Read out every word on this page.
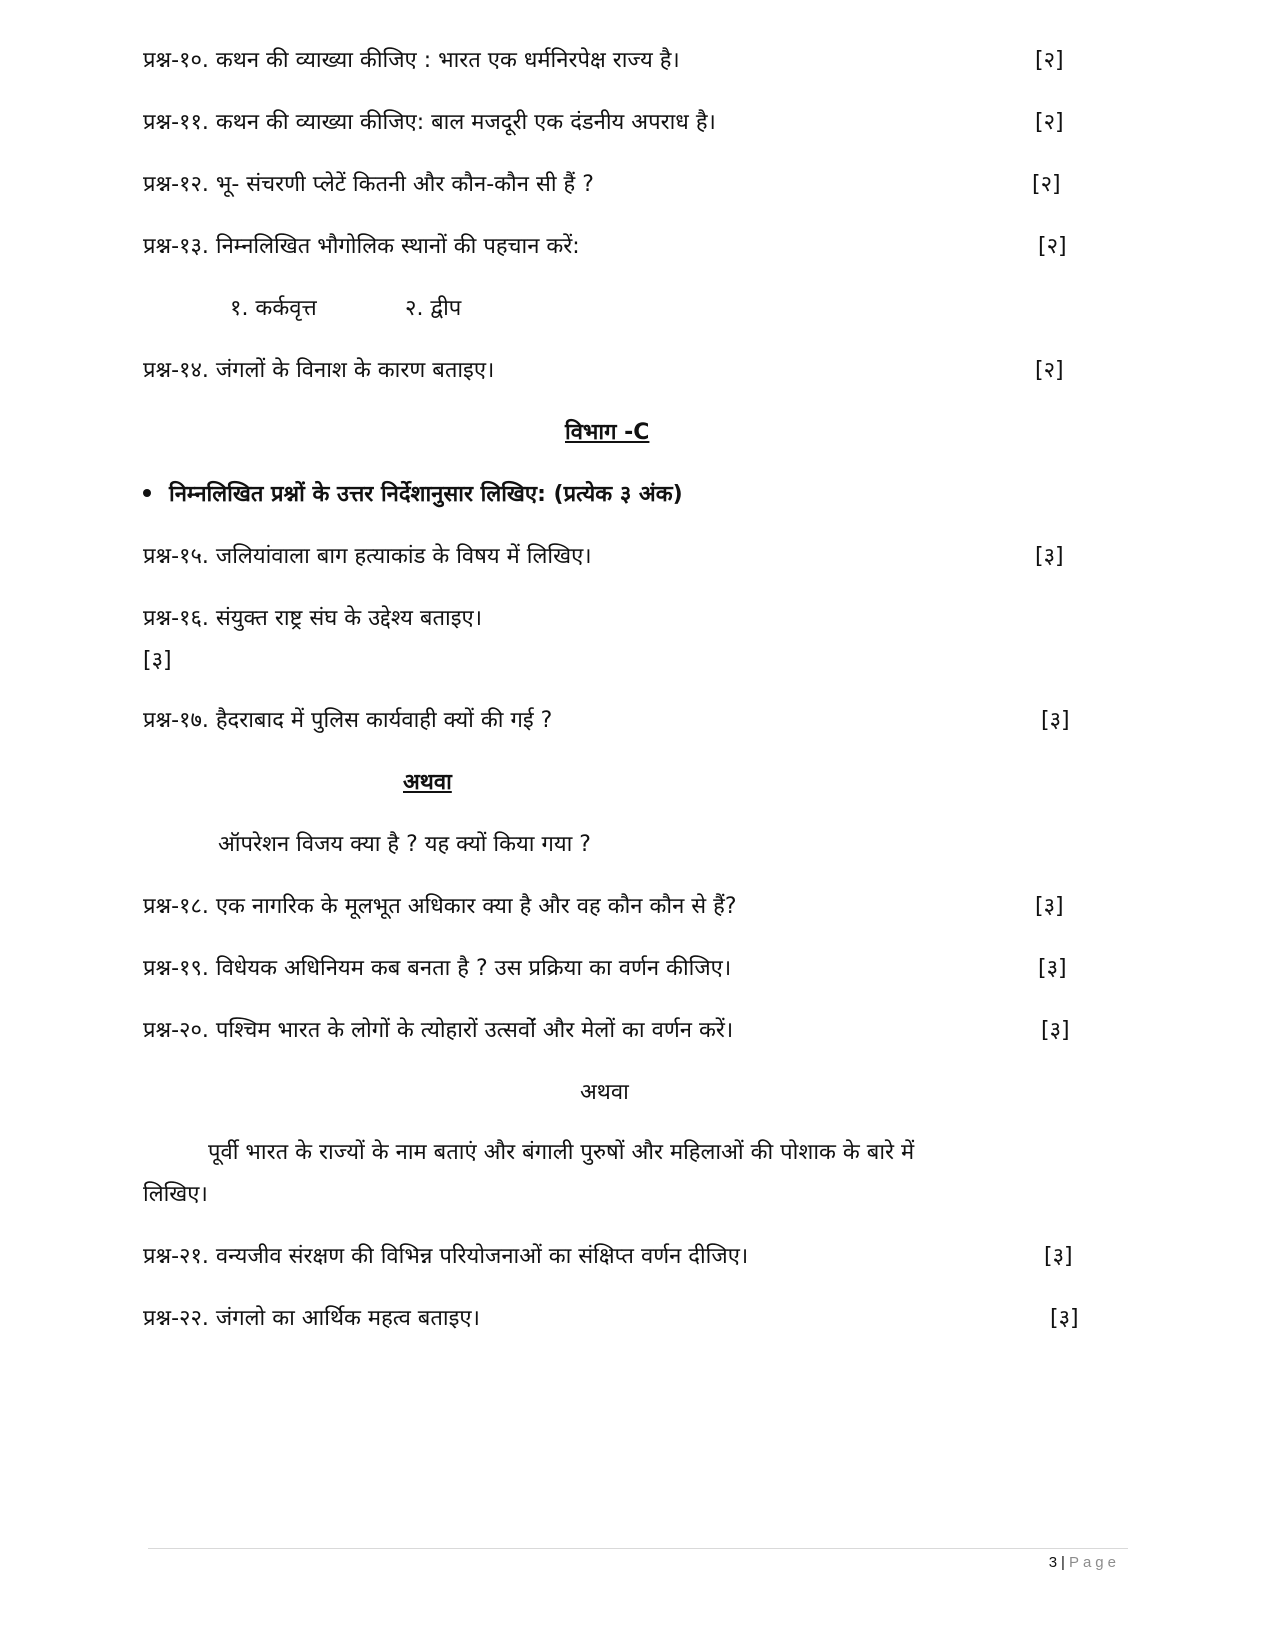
प्रश्न-१०. कथन की व्याख्या कीजिए : भारत एक धर्मनिरपेक्ष राज्य है।	[२]
प्रश्न-११. कथन की व्याख्या कीजिए: बाल मजदूरी एक दंडनीय अपराध है।	[२]
प्रश्न-१२. भू- संचरणी प्लेटें कितनी और कौन-कौन सी हैं ?	[२]
प्रश्न-१३. निम्नलिखित भौगोलिक स्थानों की पहचान करें:	[२]
१. कर्कवृत्त	२. द्वीप
प्रश्न-१४. जंगलों के विनाश के कारण बताइए।	[२]
विभाग -C
निम्नलिखित प्रश्नों के उत्तर निर्देशानुसार लिखिए: (प्रत्येक ३ अंक)
प्रश्न-१५. जलियांवाला बाग हत्याकांड के विषय में लिखिए।	[३]
प्रश्न-१६. संयुक्त राष्ट्र संघ के उद्देश्य बताइए।
[३]
प्रश्न-१७. हैदराबाद में पुलिस कार्यवाही क्यों की गई ?	[३]
अथवा
ऑपरेशन विजय क्या है ? यह क्यों किया गया ?
प्रश्न-१८. एक नागरिक के मूलभूत अधिकार क्या है और वह कौन कौन से हैं?	[३]
प्रश्न-१९. विधेयक अधिनियम कब बनता है ? उस प्रक्रिया का वर्णन कीजिए।	[३]
प्रश्न-२०. पश्चिम भारत के लोगों के त्योहारों उत्सवोंं और मेलों का वर्णन करें।	[३]
अथवा
पूर्वी भारत के राज्यों के नाम बताएं और बंगाली पुरुषों और महिलाओं की पोशाक के बारे में
लिखिए।
प्रश्न-२१. वन्यजीव संरक्षण की विभिन्न परियोजनाओं का संक्षिप्त वर्णन दीजिए।	[३]
प्रश्न-२२. जंगलो का आर्थिक महत्व बताइए।	[३]
3 | Page
